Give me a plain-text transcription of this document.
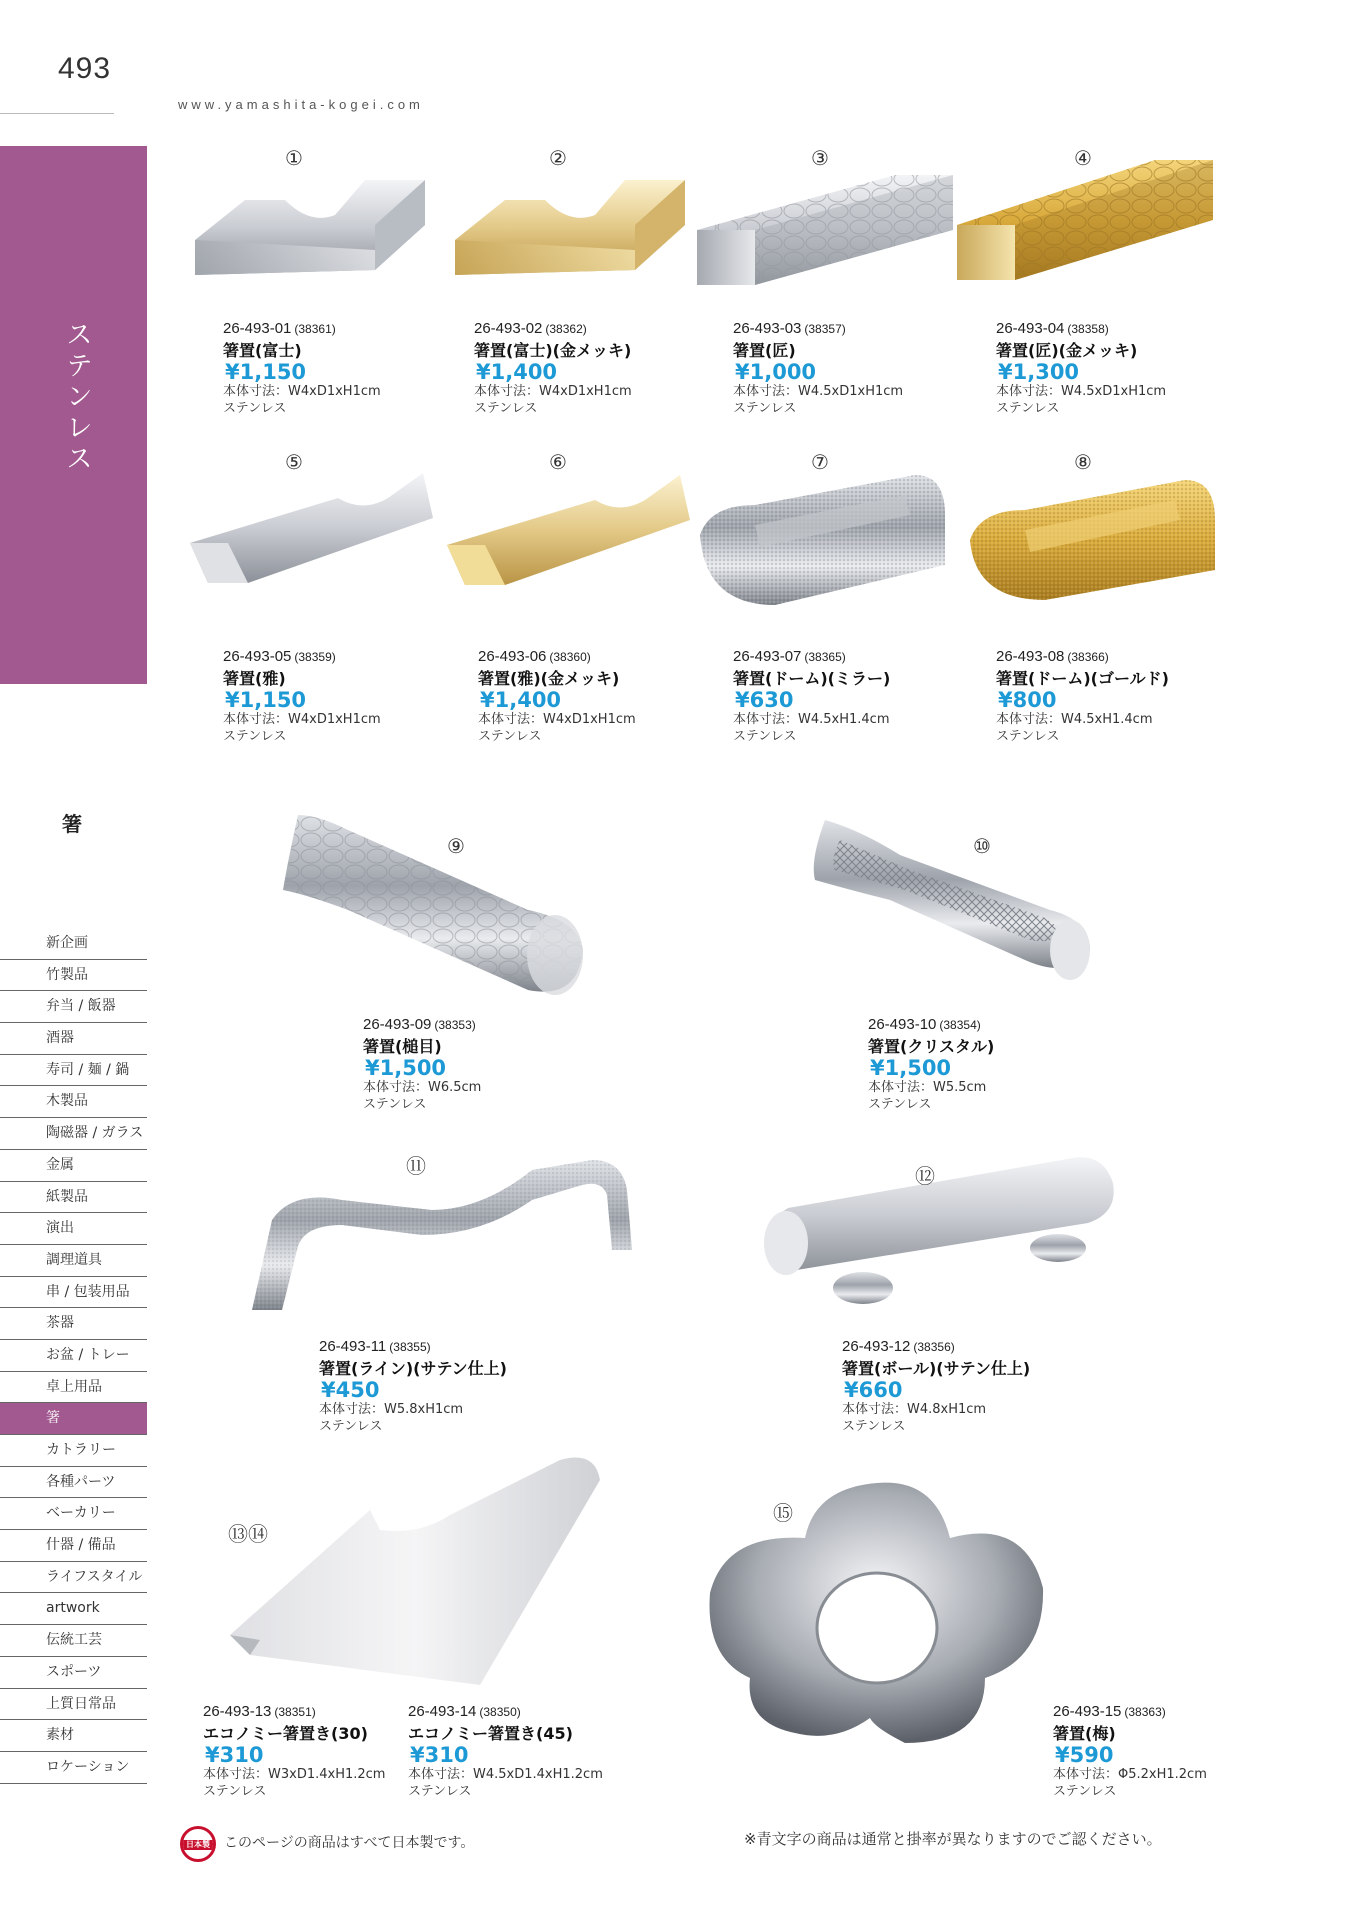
493
www.yamashita-kogei.com
ステンレス
箸
新企画
竹製品
弁当 / 飯器
酒器
寿司 / 麺 / 鍋
木製品
陶磁器 / ガラス
金属
紙製品
演出
調理道具
串 / 包装用品
茶器
お盆 / トレー
卓上用品
箸
カトラリー
各種パーツ
ベーカリー
什器 / 備品
ライフスタイル
artwork
伝統工芸
スポーツ
上質日常品
素材
ロケーション
①
26-493-01 (38361)
箸置(富士)
¥1,150
本体寸法：W4xD1xH1cm
ステンレス
②
26-493-02 (38362)
箸置(富士)(金メッキ)
¥1,400
本体寸法：W4xD1xH1cm
ステンレス
③
26-493-03 (38357)
箸置(匠)
¥1,000
本体寸法：W4.5xD1xH1cm
ステンレス
④
26-493-04 (38358)
箸置(匠)(金メッキ)
¥1,300
本体寸法：W4.5xD1xH1cm
ステンレス
⑤
26-493-05 (38359)
箸置(雅)
¥1,150
本体寸法：W4xD1xH1cm
ステンレス
⑥
26-493-06 (38360)
箸置(雅)(金メッキ)
¥1,400
本体寸法：W4xD1xH1cm
ステンレス
⑦
26-493-07 (38365)
箸置(ドーム)(ミラー)
¥630
本体寸法：W4.5xH1.4cm
ステンレス
⑧
26-493-08 (38366)
箸置(ドーム)(ゴールド)
¥800
本体寸法：W4.5xH1.4cm
ステンレス
⑨
26-493-09 (38353)
箸置(槌目)
¥1,500
本体寸法：W6.5cm
ステンレス
⑩
26-493-10 (38354)
箸置(クリスタル)
¥1,500
本体寸法：W5.5cm
ステンレス
⑪
26-493-11 (38355)
箸置(ライン)(サテン仕上)
¥450
本体寸法：W5.8xH1cm
ステンレス
⑫
26-493-12 (38356)
箸置(ボール)(サテン仕上)
¥660
本体寸法：W4.8xH1cm
ステンレス
⑬⑭
26-493-13 (38351)
エコノミー箸置き(30)
¥310
本体寸法：W3xD1.4xH1.2cm
ステンレス
26-493-14 (38350)
エコノミー箸置き(45)
¥310
本体寸法：W4.5xD1.4xH1.2cm
ステンレス
⑮
26-493-15 (38363)
箸置(梅)
¥590
本体寸法：Φ5.2xH1.2cm
ステンレス
日本製 このページの商品はすべて日本製です。	※青文字の商品は通常と掛率が異なりますのでご認ください。
